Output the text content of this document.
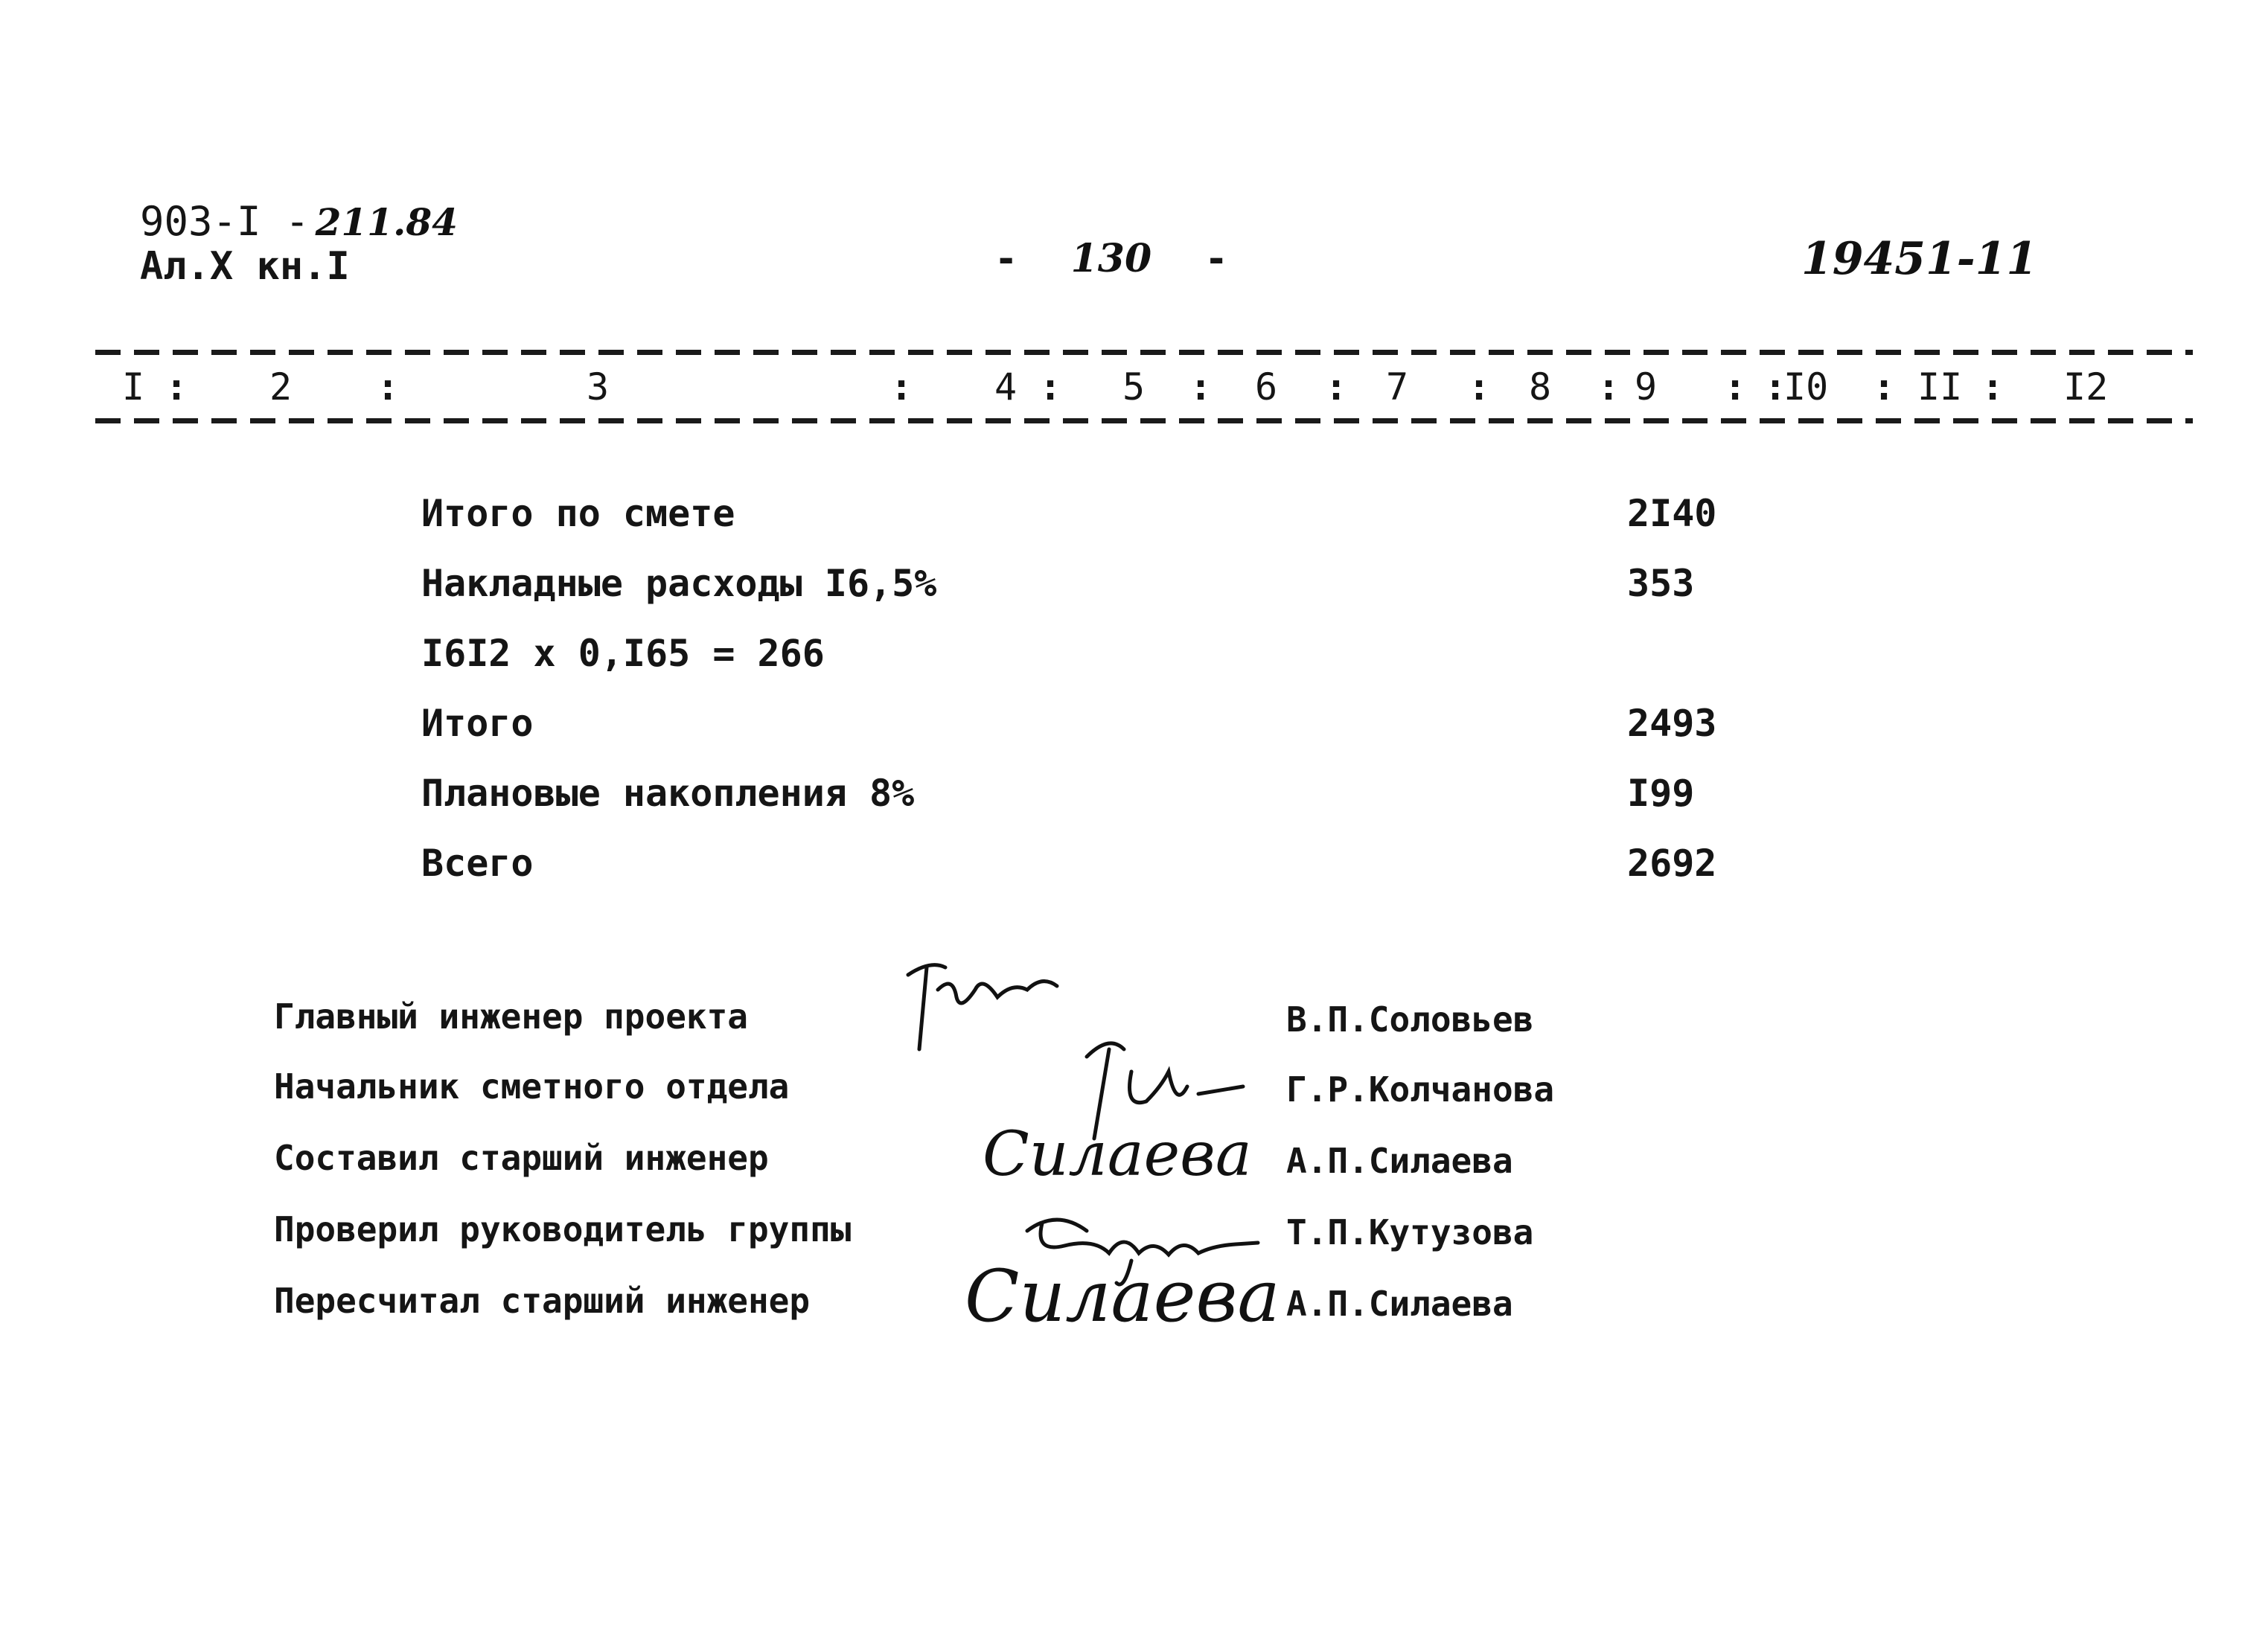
903-I - 211.84
Ал.X кн.I	- 130 -	19451-11
I : 2 :	3	: 4 : 5 : 6 : 7 : 8 : 9 : :
I0 : II : I2
Итого по смете	2I40
Накладные расходы I6,5%	353
I6I2 х 0,I65 = 266
Итого	2493
Плановые накопления 8%	I99
Всего	2692
Главный инженер проекта	В.П.Соловьев
Начальник сметного отдела	Г.Р.Колчанова
Составил старший инженер	А.П.Силаева
Проверил руководитель группы	Т.П.Кутузова
Пересчитал старший инженер	А.П.Силаева
Силаева
Силаева
